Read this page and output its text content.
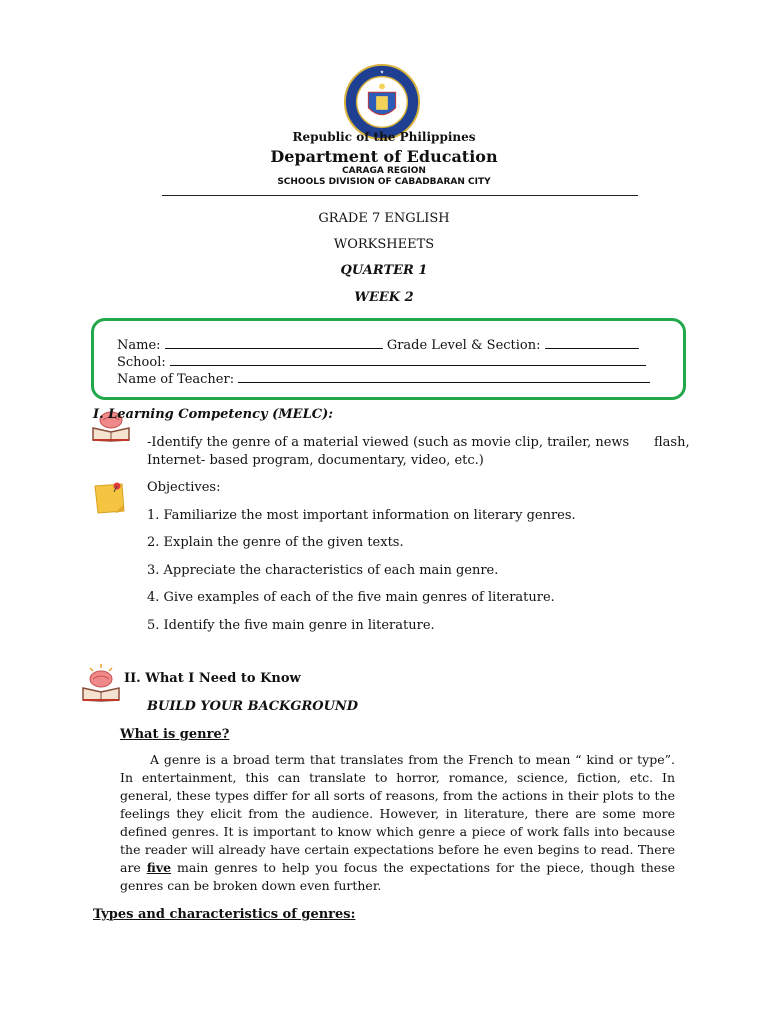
★
Republic of the Philippines
Department of Education
CARAGA REGION
SCHOOLS DIVISION OF CABADBARAN CITY
GRADE 7 ENGLISH
WORKSHEETS
QUARTER 1
WEEK 2
Name:	Grade Level & Section:
School:
Name of Teacher:
I. Learning Competency (MELC):
-Identify the genre of a material viewed (such as movie clip, trailer, news      flash,
Internet- based program, documentary, video, etc.)
Objectives:
1. Familiarize the most important information on literary genres.
2. Explain the genre of the given texts.
3. Appreciate the characteristics of each main genre.
4. Give examples of each of the five main genres of literature.
5. Identify the five main genre in literature.
II. What I Need to Know
BUILD YOUR BACKGROUND
What is genre?
A genre is a broad term that translates from the French to mean “ kind or type”. In entertainment, this can translate to horror, romance, science, fiction, etc. In general, these types differ for all sorts of reasons, from the actions in their plots to the feelings they elicit from the audience. However, in literature, there are some more defined genres. It is important to know which genre a piece of work falls into because the reader will already have certain expectations before he even begins to read. There are five main genres to help you focus the expectations for the piece, though these genres can be broken down even further.
Types and characteristics of genres:
